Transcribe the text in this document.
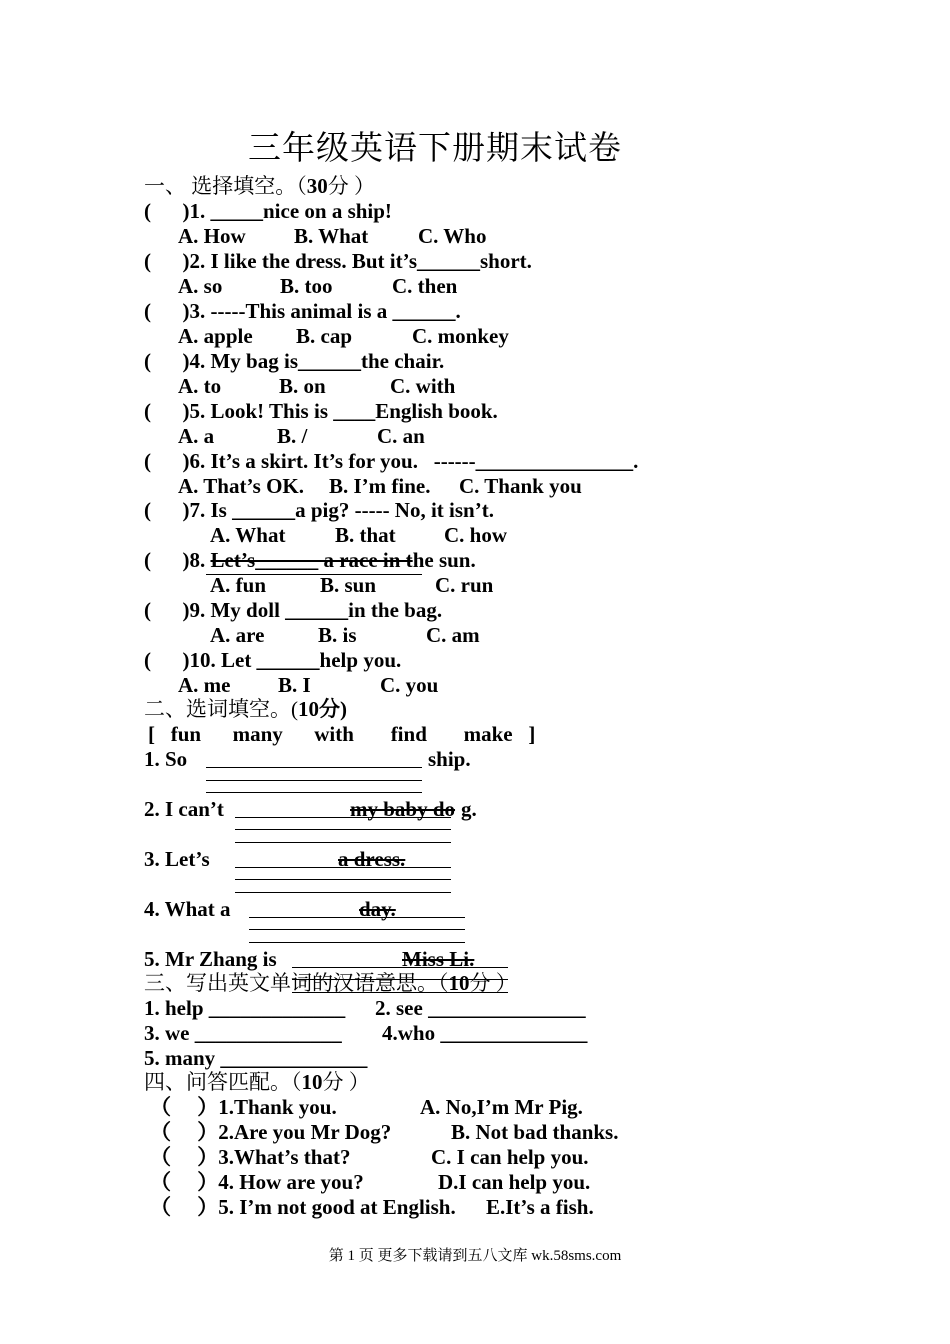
三年级英语下册期末试卷
一、 选择填空。（30分 ）
(      )1. _____nice on a ship!
A. How B. What C. Who
(      )2. I like the dress. But it’s______short.
A. so	B. too	C. then
(      )3. -----This animal is a ______.
A. apple B. cap	C. monkey
(      )4. My bag is______the chair.
A. to	B. on	C. with
(      )5. Look! This is ____English book.
A. a	B. /	C. an
(      )6. It’s a skirt. It’s for you.   ------_______________.
A. That’s OK. B. I’m fine. C. Thank you
(      )7. Is ______a pig? ----- No, it isn’t.
A. What B. that C. how
(      )8. Let’s______ a race in the sun.
A. fun	B. sun	C. run
(      )9. My doll ______in the bag.
A. are	B. is	C. am
(      )10. Let ______help you.
A. me B. I	C. you
二、选词填空。(10分)
[   fun      many      with       find       make   ]
1. So	ship.
2. I can’t	my baby do g.
3. Let’s	a dress.
4. What a	day.
5. Mr Zhang is	Miss Li.
三、写出英文单词的汉语意思。（10分 ）
1. help _____________ 2. see _______________
3. we ______________ 4.who ______________
5. many ______________
四、问答匹配。（10分 ）
（     ）1.Thank you.	A. No,I’m Mr Pig.
（     ）2.Are you Mr Dog?	B. Not bad thanks.
（     ）3.What’s that?	C. I can help you.
（     ）4. How are you?	D.I can help you.
（     ）5. I’m not good at English. E.It’s a fish.
第 1 页 更多下载请到五八文库 wk.58sms.com
